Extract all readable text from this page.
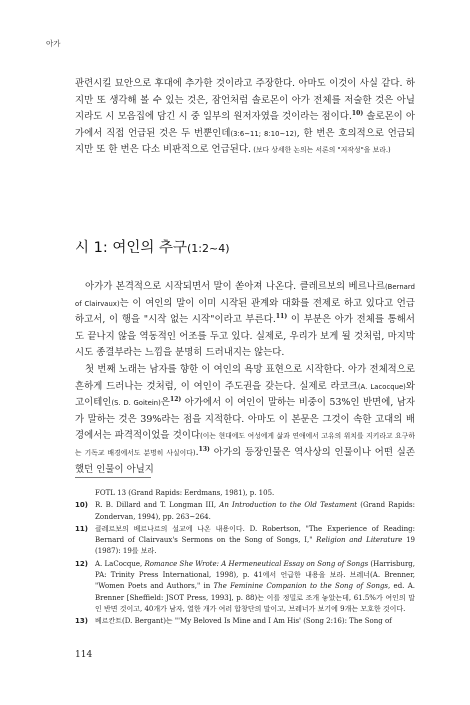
아가

관련시킬 묘안으로 후대에 추가한 것이라고 주장한다. 아마도 이것이 사실 같다. 하지만 또 생각해 볼 수 있는 것은, 잠언처럼 솔로몬이 아가 전체를 저술한 것은 아닐지라도 시 모음집에 담긴 시 중 일부의 원저자였을 것이라는 점이다.$^{10)}$ 솔로몬이 아가에서 직접 언급된 것은 두 번뿐인데(3:6~11; 8:10~12), 한 번은 호의적으로 언급되지만 또 한 번은 다소 비판적으로 언급된다. (보다 상세한 논의는 서론의 "저작성"을 보라.)

시 1: 여인의 추구(1:2~4)

아가가 본격적으로 시작되면서 말이 쏟아져 나온다. 클레르보의 베르나르(Bernard of Clairvaux)는 이 여인의 말이 이미 시작된 관계와 대화를 전제로 하고 있다고 언급하고서, 이 행을 "시작 없는 시작"이라고 부른다.$^{11)}$ 이 부분은 아가 전체를 통해서도 끝나지 않을 역동적인 어조를 두고 있다. 실제로, 우리가 보게 될 것처럼, 마지막 시도 종결부라는 느낌을 분명히 드러내지는 않는다.

첫 번째 노래는 남자를 향한 이 여인의 욕망 표현으로 시작한다. 아가 전체적으로 흔하게 드러나는 것처럼, 이 여인이 주도권을 갖는다. 실제로 라코크(A. Lacocque)와 고이테인(S. D. Goitein)은$^{12)}$ 아가에서 이 여인이 말하는 비중이 53%인 반면에, 남자가 말하는 것은 39%라는 점을 지적한다. 아마도 이 본문은 그것이 속한 고대의 배경에서는 파격적이었을 것이다(이는 현대에도 여성에게 삶과 연애에서 고유의 위치를 지키라고 요구하는 기독교 배경에서도 분명히 사실이다).$^{13)}$ 아가의 등장인물은 역사상의 인물이나 어떤 실존했던 인물이 아닐지

FOTL 13 (Grand Rapids: Eerdmans, 1981), p. 105.

10) R. B. Dillard and T. Longman III, An Introduction to the Old Testament (Grand Rapids: Zondervan, 1994), pp. 263~264.

11) 클레르보의 베르나르의 설교에 나온 내용이다. D. Robertson, "The Experience of Reading: Bernard of Clairvaux's Sermons on the Song of Songs, I," Religion and Literature 19 (1987): 19를 보라.

12) A. LaCocque, Romance She Wrote: A Hermeneutical Essay on Song of Songs (Harrisburg, PA: Trinity Press International, 1998), p. 41에서 언급한 내용을 보라. 브레너(A. Brenner, "Women Poets and Authors," in The Feminine Companion to the Song of Songs, ed. A. Brenner [Sheffield: JSOT Press, 1993], p. 88)는 이를 정밀로 조개 놓았는데, 61.5%가 여인의 말인 반면 것이고, 40개가 남자, 열한 개가 여러 합창단의 말이고, 브레너가 보기에 9개는 모호한 것이다.

13) 베르칸트(D. Bergant)는 "'My Beloved Is Mine and I Am His' (Song 2:16): The Song of

114
